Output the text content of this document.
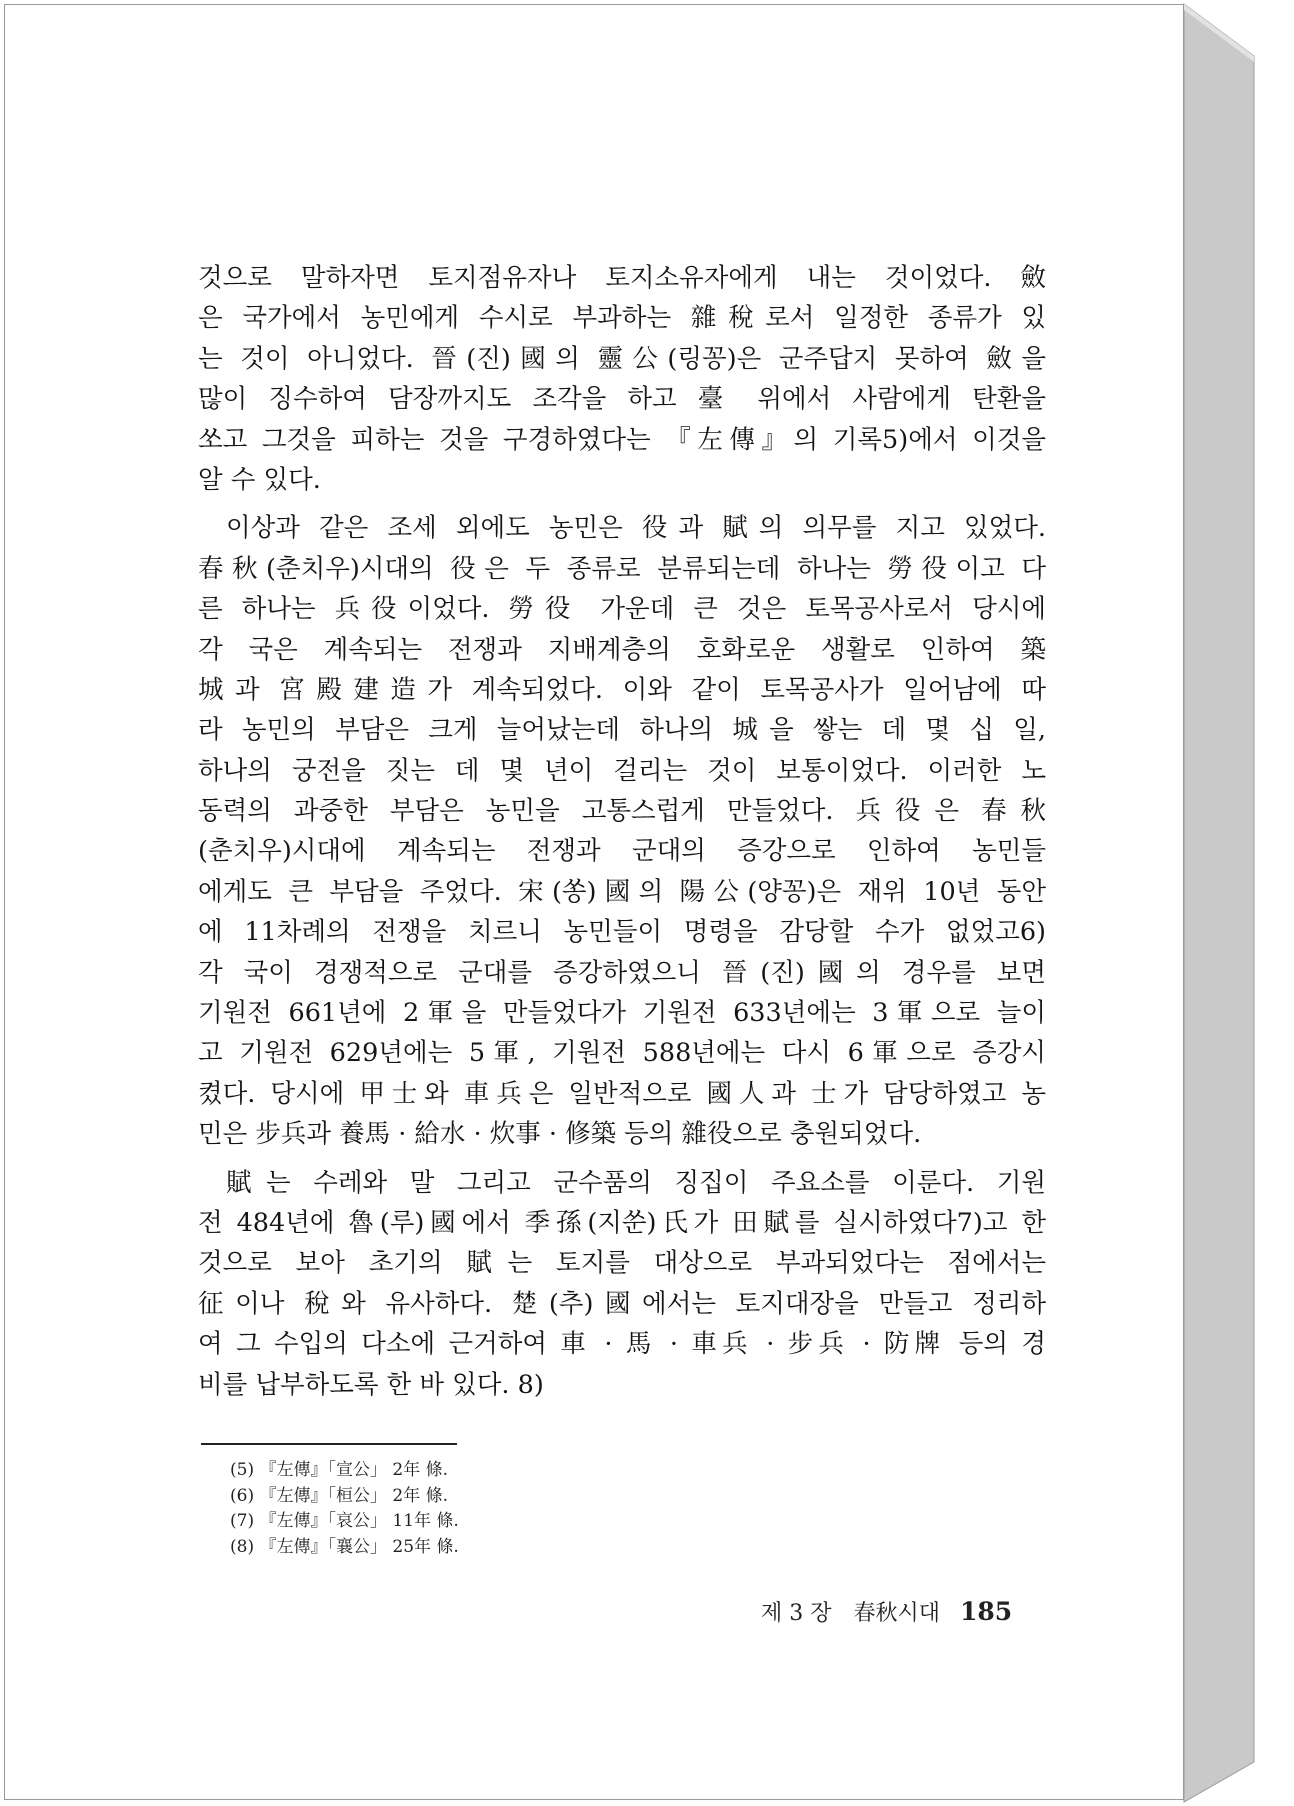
것으로 말하자면 토지점유자나 토지소유자에게 내는 것이었다. 斂
은 국가에서 농민에게 수시로 부과하는 雜稅로서 일정한 종류가 있
는 것이 아니었다. 晉(진)國의 靈公(링꽁)은 군주답지 못하여 斂을
많이 징수하여 담장까지도 조각을 하고 臺 위에서 사람에게 탄환을
쏘고 그것을 피하는 것을 구경하였다는 『左傳』의 기록5)에서 이것을
알 수 있다.
이상과 같은 조세 외에도 농민은 役과 賦의 의무를 지고 있었다.
春秋(춘치우)시대의 役은 두 종류로 분류되는데 하나는 勞役이고 다
른 하나는 兵役이었다. 勞役 가운데 큰 것은 토목공사로서 당시에
각 국은 계속되는 전쟁과 지배계층의 호화로운 생활로 인하여 築
城과 宮殿建造가 계속되었다. 이와 같이 토목공사가 일어남에 따
라 농민의 부담은 크게 늘어났는데 하나의 城을 쌓는 데 몇 십 일,
하나의 궁전을 짓는 데 몇 년이 걸리는 것이 보통이었다. 이러한 노
동력의 과중한 부담은 농민을 고통스럽게 만들었다. 兵役은 春秋
(춘치우)시대에 계속되는 전쟁과 군대의 증강으로 인하여 농민들
에게도 큰 부담을 주었다. 宋(쏭)國의 陽公(양꽁)은 재위 10년 동안
에 11차례의 전쟁을 치르니 농민들이 명령을 감당할 수가 없었고6)
각 국이 경쟁적으로 군대를 증강하였으니 晉(진)國의 경우를 보면
기원전 661년에 2軍을 만들었다가 기원전 633년에는 3軍으로 늘이
고 기원전 629년에는 5軍, 기원전 588년에는 다시 6軍으로 증강시
켰다. 당시에 甲士와 車兵은 일반적으로 國人과 士가 담당하였고 농
민은 步兵과 養馬 · 給水 · 炊事 · 修築 등의 雜役으로 충원되었다.
賦는 수레와 말 그리고 군수품의 징집이 주요소를 이룬다. 기원
전 484년에 魯(루)國에서 季孫(지쑨)氏가 田賦를 실시하였다7)고 한
것으로 보아 초기의 賦는 토지를 대상으로 부과되었다는 점에서는
征이나 稅와 유사하다. 楚(추)國에서는 토지대장을 만들고 정리하
여 그 수입의 다소에 근거하여 車 · 馬 · 車兵 · 步兵 · 防牌 등의 경
비를 납부하도록 한 바 있다. 8)
(5) 『左傳』「宣公」 2年 條.
(6) 『左傳』「桓公」 2年 條.
(7) 『左傳』「哀公」 11年 條.
(8) 『左傳』「襄公」 25年 條.
제 3 장 春秋시대 185
